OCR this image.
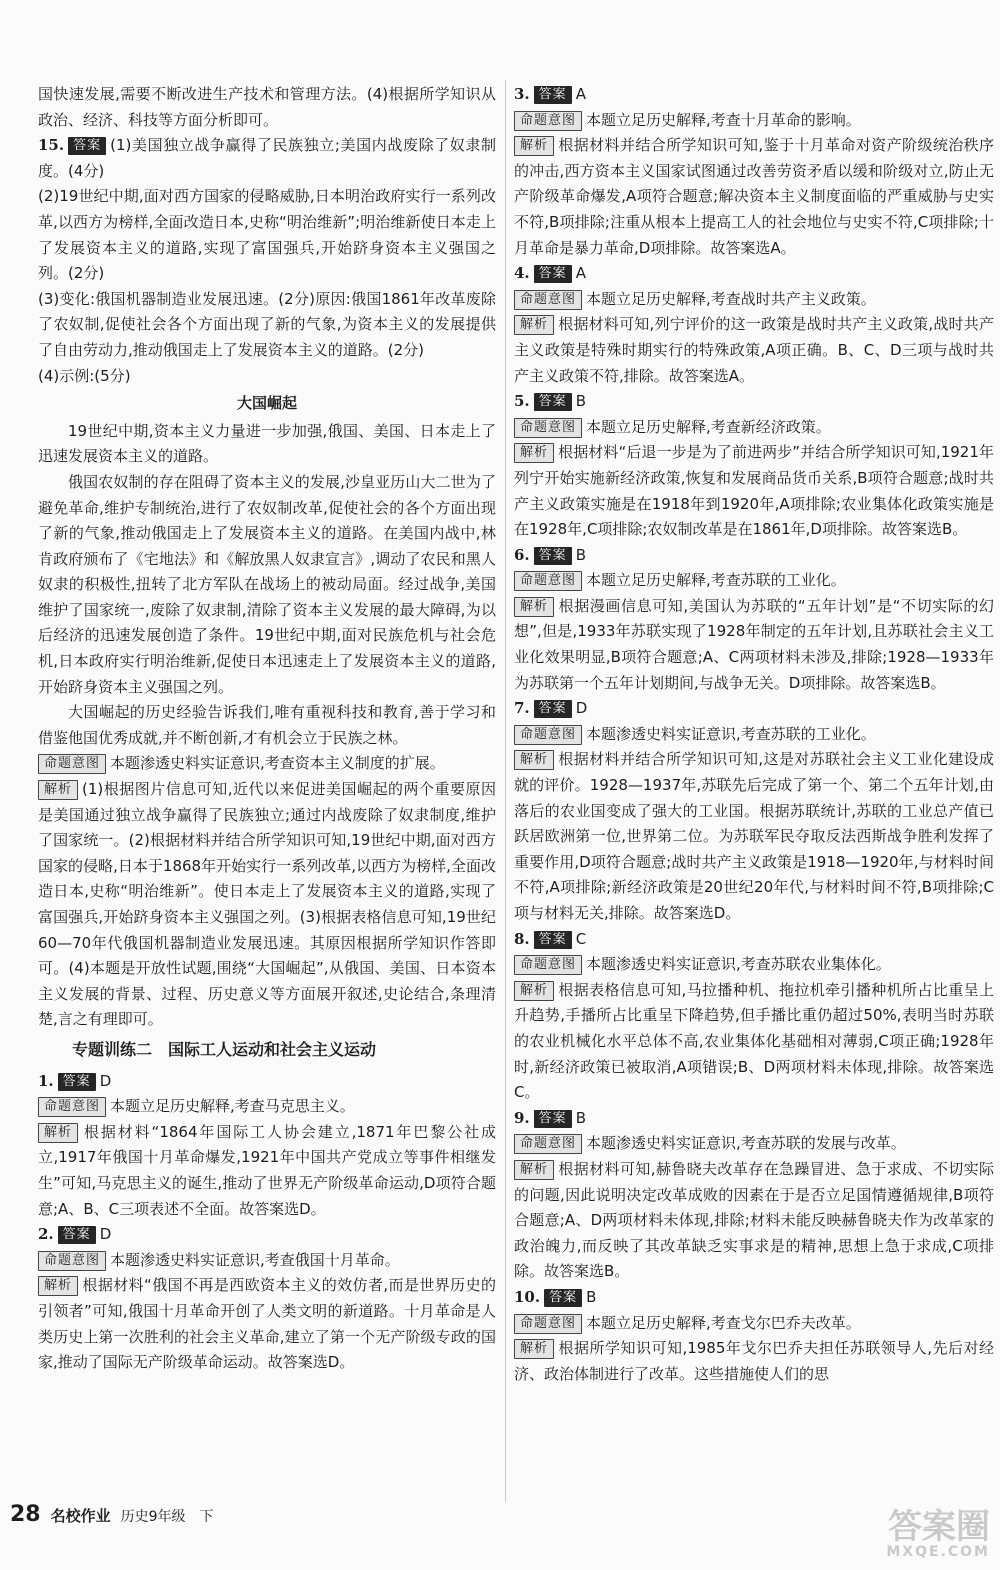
国快速发展,需要不断改进生产技术和管理方法。(4)根据所学知识从政治、经济、科技等方面分析即可。

15. 答案 (1)美国独立战争赢得了民族独立;美国内战废除了奴隶制度。(4分)

(2)19世纪中期,面对西方国家的侵略威胁,日本明治政府实行一系列改革,以西方为榜样,全面改造日本,史称“明治维新”;明治维新使日本走上了发展资本主义的道路,实现了富国强兵,开始跻身资本主义强国之列。(2分)

(3)变化:俄国机器制造业发展迅速。(2分)原因:俄国1861年改革废除了农奴制,促使社会各个方面出现了新的气象,为资本主义的发展提供了自由劳动力,推动俄国走上了发展资本主义的道路。(2分)

(4)示例:(5分)

大国崛起

19世纪中期,资本主义力量进一步加强,俄国、美国、日本走上了迅速发展资本主义的道路。

俄国农奴制的存在阻碍了资本主义的发展,沙皇亚历山大二世为了避免革命,维护专制统治,进行了农奴制改革,促使社会的各个方面出现了新的气象,推动俄国走上了发展资本主义的道路。在美国内战中,林肯政府颁布了《宅地法》和《解放黑人奴隶宣言》,调动了农民和黑人奴隶的积极性,扭转了北方军队在战场上的被动局面。经过战争,美国维护了国家统一,废除了奴隶制,清除了资本主义发展的最大障碍,为以后经济的迅速发展创造了条件。19世纪中期,面对民族危机与社会危机,日本政府实行明治维新,促使日本迅速走上了发展资本主义的道路,开始跻身资本主义强国之列。

大国崛起的历史经验告诉我们,唯有重视科技和教育,善于学习和借鉴他国优秀成就,并不断创新,才有机会立于民族之林。

命题意图 本题渗透史料实证意识,考查资本主义制度的扩展。

解析 (1)根据图片信息可知,近代以来促进美国崛起的两个重要原因是美国通过独立战争赢得了民族独立;通过内战废除了奴隶制度,维护了国家统一。(2)根据材料并结合所学知识可知,19世纪中期,面对西方国家的侵略,日本于1868年开始实行一系列改革,以西方为榜样,全面改造日本,史称“明治维新”。使日本走上了发展资本主义的道路,实现了富国强兵,开始跻身资本主义强国之列。(3)根据表格信息可知,19世纪60—70年代俄国机器制造业发展迅速。其原因根据所学知识作答即可。(4)本题是开放性试题,围绕“大国崛起”,从俄国、美国、日本资本主义发展的背景、过程、历史意义等方面展开叙述,史论结合,条理清楚,言之有理即可。

专题训练二　国际工人运动和社会主义运动

1. 答案 D

命题意图 本题立足历史解释,考查马克思主义。

解析 根据材料“1864年国际工人协会建立,1871年巴黎公社成立,1917年俄国十月革命爆发,1921年中国共产党成立等事件相继发生”可知,马克思主义的诞生,推动了世界无产阶级革命运动,D项符合题意;A、B、C三项表述不全面。故答案选D。

2. 答案 D

命题意图 本题渗透史料实证意识,考查俄国十月革命。

解析 根据材料“俄国不再是西欧资本主义的效仿者,而是世界历史的引领者”可知,俄国十月革命开创了人类文明的新道路。十月革命是人类历史上第一次胜利的社会主义革命,建立了第一个无产阶级专政的国家,推动了国际无产阶级革命运动。故答案选D。

3. 答案 A

命题意图 本题立足历史解释,考查十月革命的影响。

解析 根据材料并结合所学知识可知,鉴于十月革命对资产阶级统治秩序的冲击,西方资本主义国家试图通过改善劳资矛盾以缓和阶级对立,防止无产阶级革命爆发,A项符合题意;解决资本主义制度面临的严重威胁与史实不符,B项排除;注重从根本上提高工人的社会地位与史实不符,C项排除;十月革命是暴力革命,D项排除。故答案选A。

4. 答案 A

命题意图 本题立足历史解释,考查战时共产主义政策。

解析 根据材料可知,列宁评价的这一政策是战时共产主义政策,战时共产主义政策是特殊时期实行的特殊政策,A项正确。B、C、D三项与战时共产主义政策不符,排除。故答案选A。

5. 答案 B

命题意图 本题立足历史解释,考查新经济政策。

解析 根据材料“后退一步是为了前进两步”并结合所学知识可知,1921年列宁开始实施新经济政策,恢复和发展商品货币关系,B项符合题意;战时共产主义政策实施是在1918年到1920年,A项排除;农业集体化政策实施是在1928年,C项排除;农奴制改革是在1861年,D项排除。故答案选B。

6. 答案 B

命题意图 本题立足历史解释,考查苏联的工业化。

解析 根据漫画信息可知,美国认为苏联的“五年计划”是“不切实际的幻想”,但是,1933年苏联实现了1928年制定的五年计划,且苏联社会主义工业化效果明显,B项符合题意;A、C两项材料未涉及,排除;1928—1933年为苏联第一个五年计划期间,与战争无关。D项排除。故答案选B。

7. 答案 D

命题意图 本题渗透史料实证意识,考查苏联的工业化。

解析 根据材料并结合所学知识可知,这是对苏联社会主义工业化建设成就的评价。1928—1937年,苏联先后完成了第一个、第二个五年计划,由落后的农业国变成了强大的工业国。根据苏联统计,苏联的工业总产值已跃居欧洲第一位,世界第二位。为苏联军民夺取反法西斯战争胜利发挥了重要作用,D项符合题意;战时共产主义政策是1918—1920年,与材料时间不符,A项排除;新经济政策是20世纪20年代,与材料时间不符,B项排除;C项与材料无关,排除。故答案选D。

8. 答案 C

命题意图 本题渗透史料实证意识,考查苏联农业集体化。

解析 根据表格信息可知,马拉播种机、拖拉机牵引播种机所占比重呈上升趋势,手播所占比重呈下降趋势,但手播比重仍超过50%,表明当时苏联的农业机械化水平总体不高,农业集体化基础相对薄弱,C项正确;1928年时,新经济政策已被取消,A项错误;B、D两项材料未体现,排除。故答案选C。

9. 答案 B

命题意图 本题渗透史料实证意识,考查苏联的发展与改革。

解析 根据材料可知,赫鲁晓夫改革存在急躁冒进、急于求成、不切实际的问题,因此说明决定改革成败的因素在于是否立足国情遵循规律,B项符合题意;A、D两项材料未体现,排除;材料未能反映赫鲁晓夫作为改革家的政治魄力,而反映了其改革缺乏实事求是的精神,思想上急于求成,C项排除。故答案选B。

10. 答案 B

命题意图 本题立足历史解释,考查戈尔巴乔夫改革。

解析 根据所学知识可知,1985年戈尔巴乔夫担任苏联领导人,先后对经济、政治体制进行了改革。这些措施使人们的思

28 名校作业 历史9年级　下	答案圈
MXQE.COM
